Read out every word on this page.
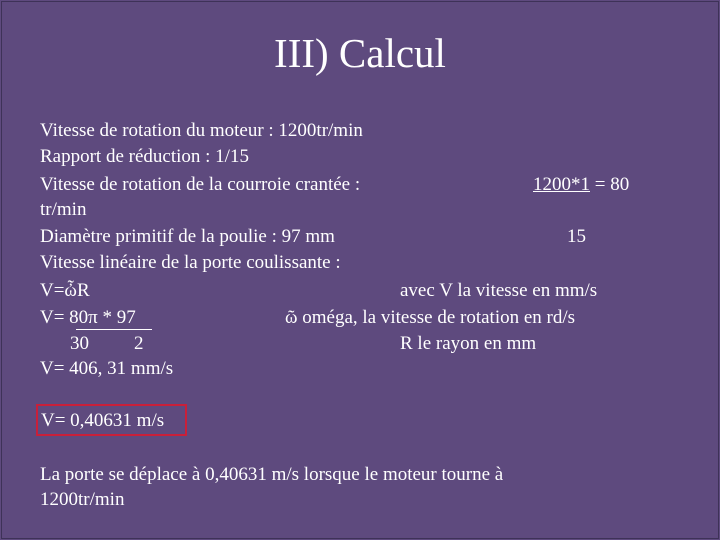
III) Calcul
Vitesse de rotation du moteur : 1200tr/min
Rapport de réduction : 1/15
Vitesse de rotation de la courroie crantée :	1200*1 = 80
tr/min
Diamètre primitif de la poulie : 97 mm	15
Vitesse linéaire de la porte coulissante :
V=ὦR	avec V la vitesse en mm/s
V= 80π * 97	ῶ oméga, la vitesse de rotation en rd/s
30 2	R le rayon en mm
V= 406, 31 mm/s
V= 0,40631 m/s
La porte se déplace à 0,40631 m/s lorsque le moteur tourne à
1200tr/min
